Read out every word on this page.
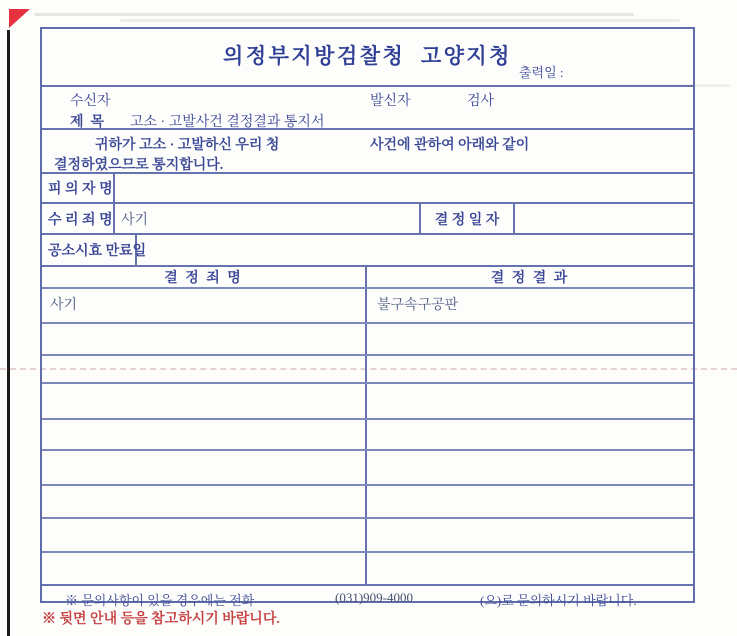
의정부지방검찰청  고양지청
출력일 :
수신자	발신자	검사
제  목 고소 · 고발사건 결정결과 통지서
귀하가 고소 · 고발하신 우리 청	사건에 관하여 아래와 같이
결정하였으므로 통지합니다.
피 의 자 명
수 리 죄 명 사기	결 정 일 자
공소시효 만료일
결 정 죄 명	결 정 결 과
사기	불구속구공판
※ 문의사항이 있을 경우에는 전화	(031)909-4000	(으)로 문의하시기 바랍니다.
※ 뒷면 안내 등을 참고하시기 바랍니다.
